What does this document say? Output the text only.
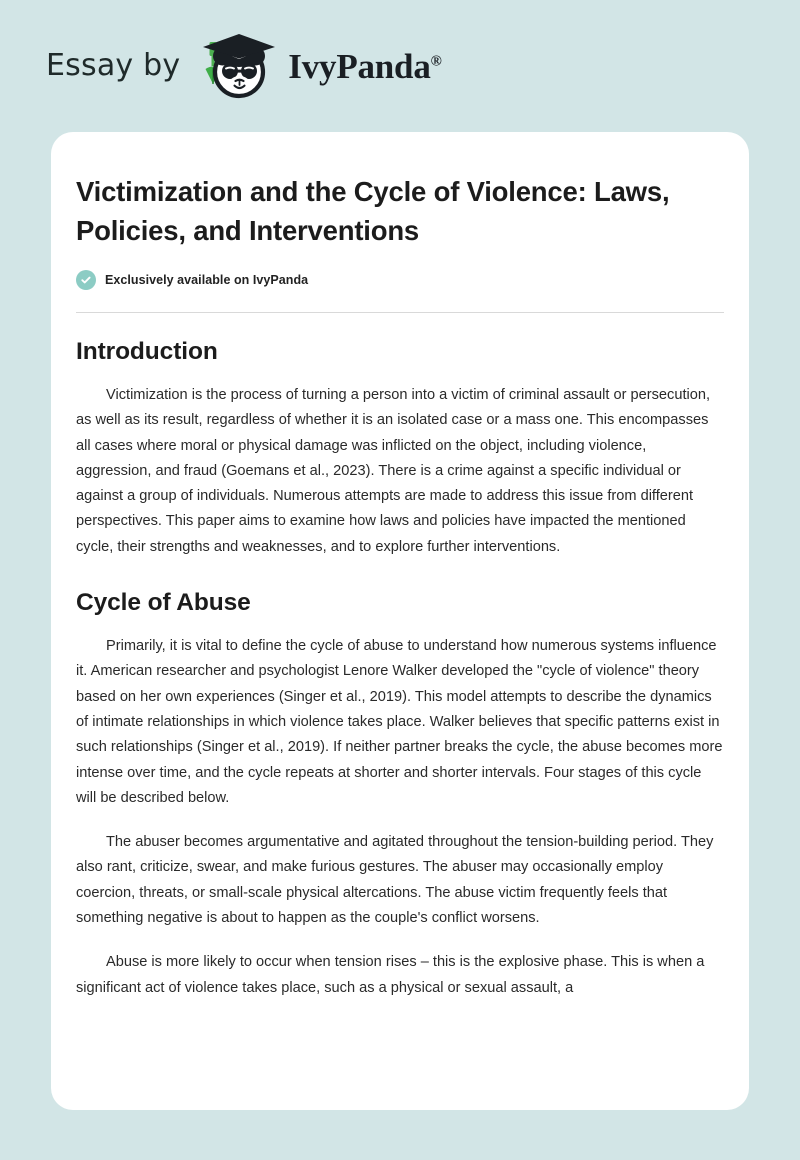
Essay by	IvyPanda®
Victimization and the Cycle of Violence: Laws, Policies, and Interventions
Exclusively available on IvyPanda
Introduction

Victimization is the process of turning a person into a victim of criminal assault or persecution, as well as its result, regardless of whether it is an isolated case or a mass one. This encompasses all cases where moral or physical damage was inflicted on the object, including violence, aggression, and fraud (Goemans et al., 2023). There is a crime against a specific individual or against a group of individuals. Numerous attempts are made to address this issue from different perspectives. This paper aims to examine how laws and policies have impacted the mentioned cycle, their strengths and weaknesses, and to explore further interventions.

Cycle of Abuse

Primarily, it is vital to define the cycle of abuse to understand how numerous systems influence it. American researcher and psychologist Lenore Walker developed the "cycle of violence" theory based on her own experiences (Singer et al., 2019). This model attempts to describe the dynamics of intimate relationships in which violence takes place. Walker believes that specific patterns exist in such relationships (Singer et al., 2019). If neither partner breaks the cycle, the abuse becomes more intense over time, and the cycle repeats at shorter and shorter intervals. Four stages of this cycle will be described below.

The abuser becomes argumentative and agitated throughout the tension-building period. They also rant, criticize, swear, and make furious gestures. The abuser may occasionally employ coercion, threats, or small-scale physical altercations. The abuse victim frequently feels that something negative is about to happen as the couple's conflict worsens.

Abuse is more likely to occur when tension rises – this is the explosive phase. This is when a significant act of violence takes place, such as a physical or sexual assault, a
